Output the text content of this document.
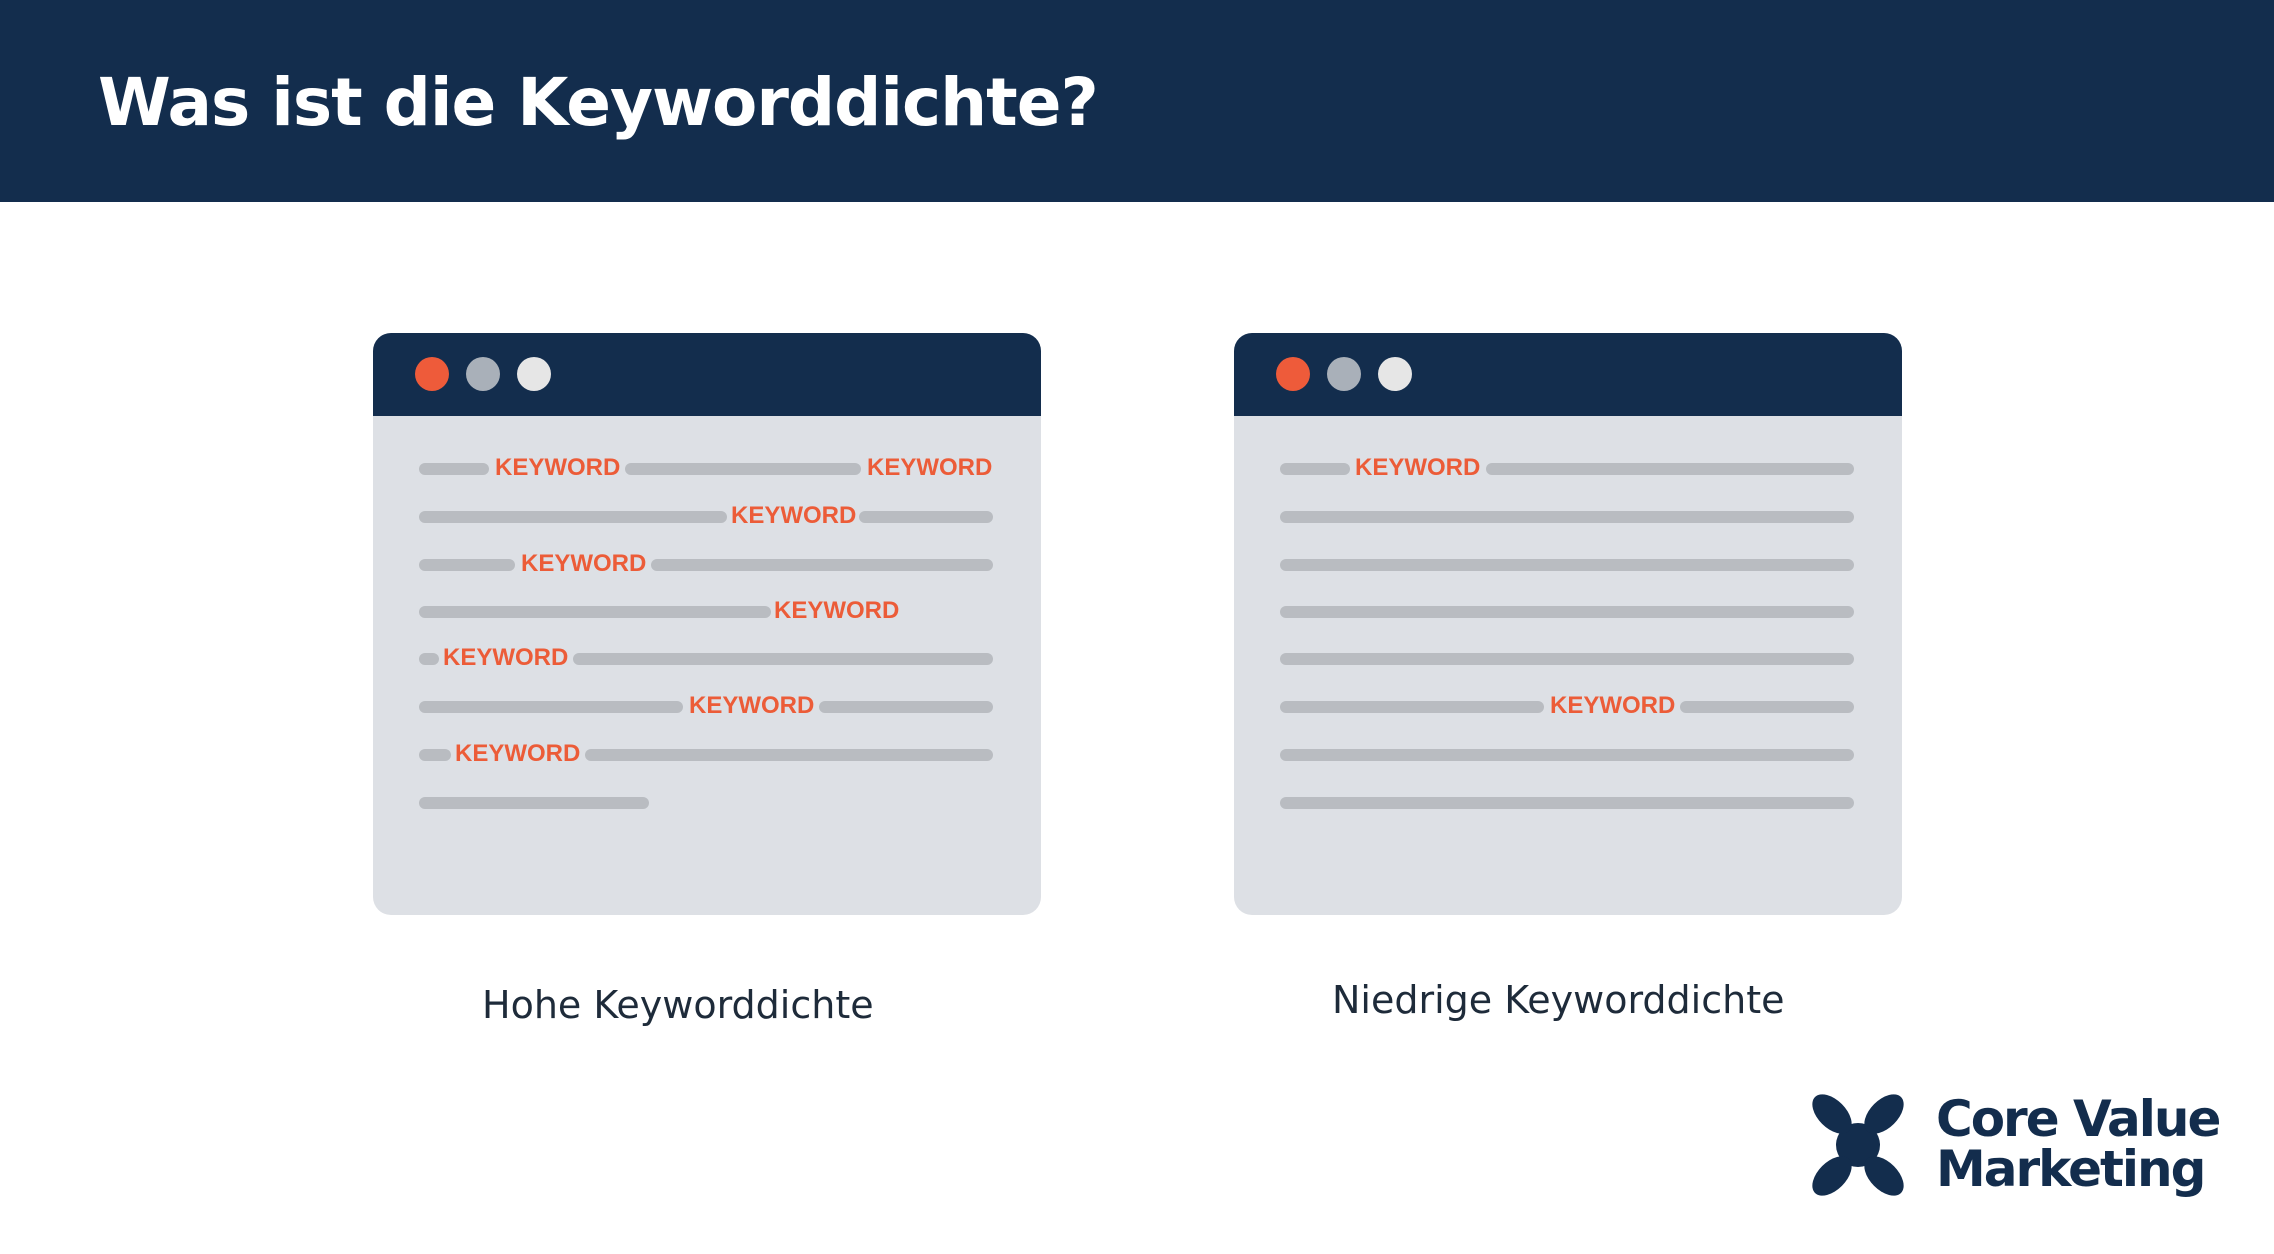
Was ist die Keyworddichte?
KEYWORD	KEYWORD
KEYWORD
KEYWORD
KEYWORD
KEYWORD
KEYWORD
KEYWORD
KEYWORD
KEYWORD
Hohe Keyworddichte	Niedrige Keyworddichte
Core Value
Marketing
